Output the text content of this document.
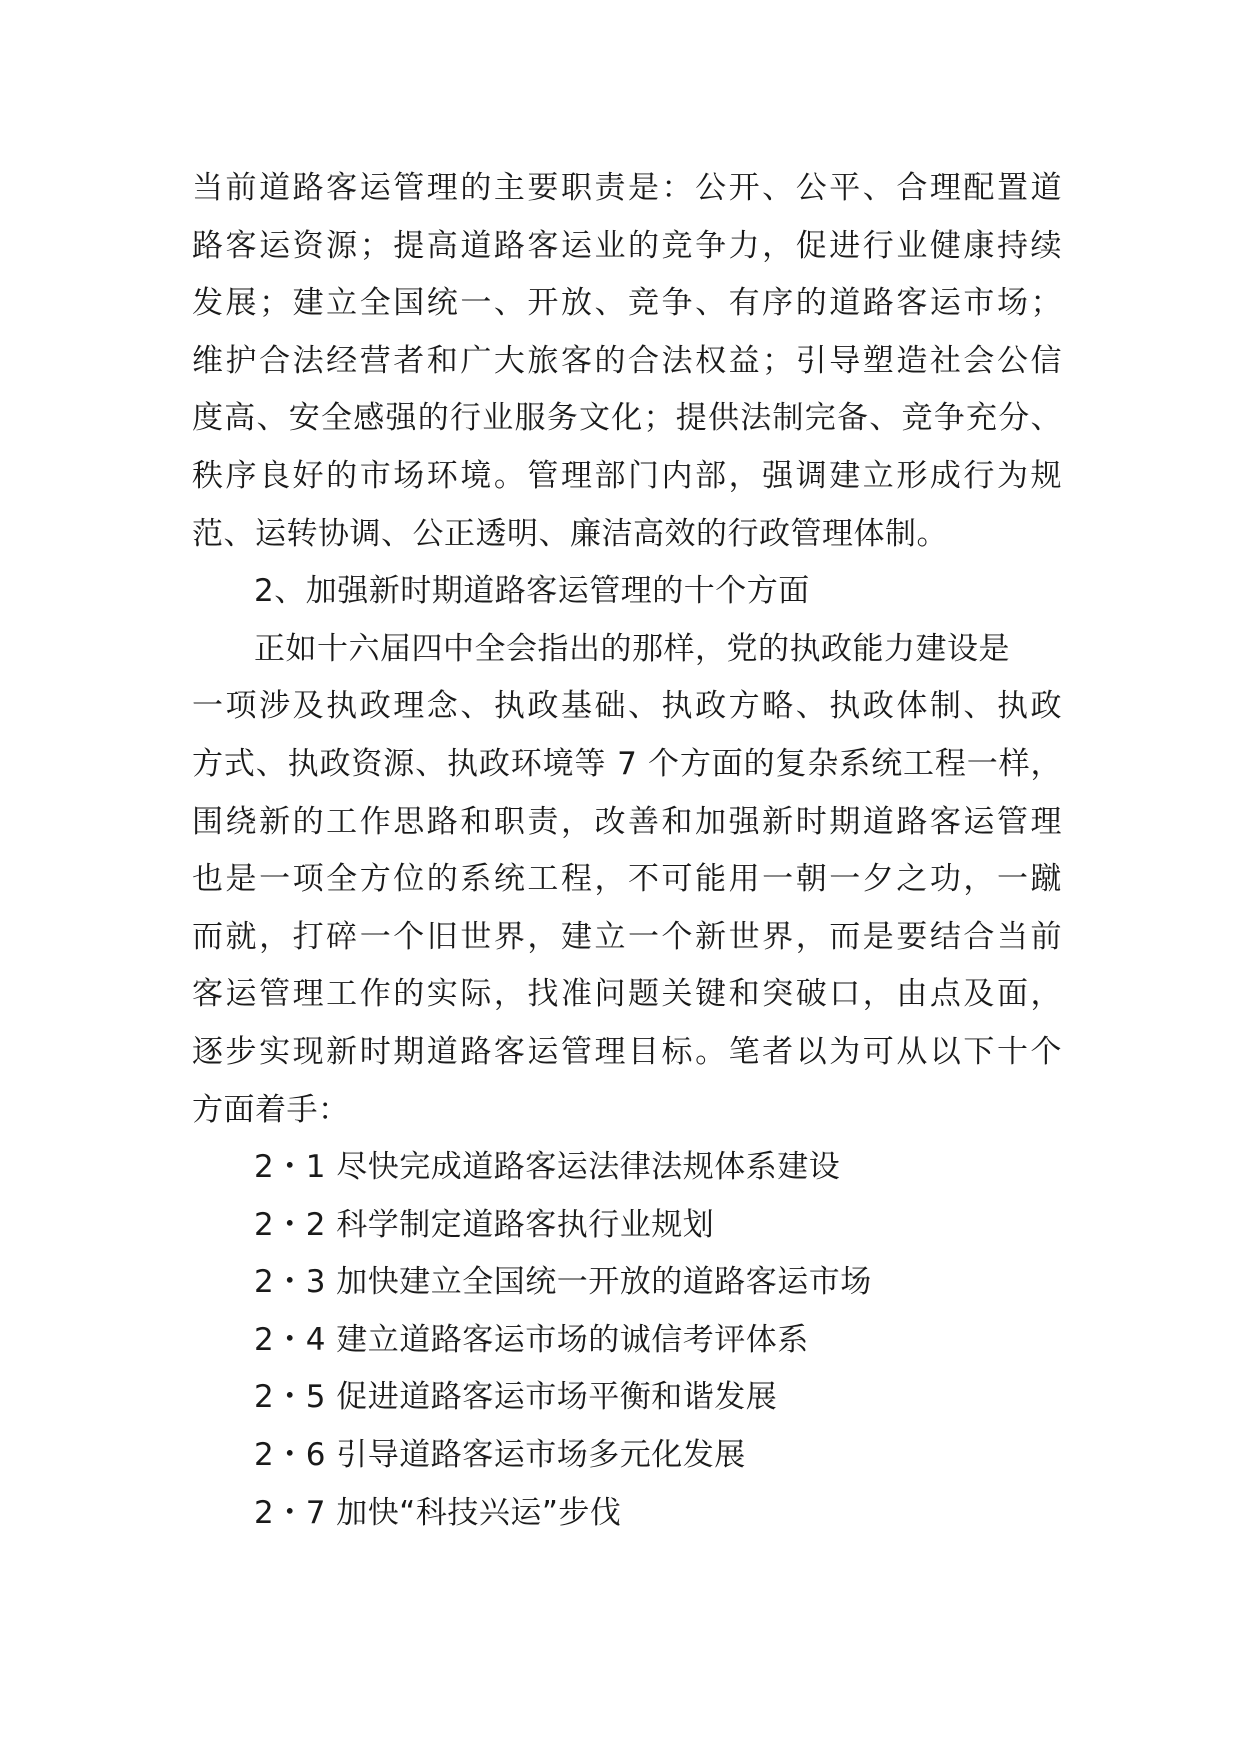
当前道路客运管理的主要职责是：公开、公平、合理配置道
路客运资源；提高道路客运业的竞争力，促进行业健康持续
发展；建立全国统一、开放、竞争、有序的道路客运市场；
维护合法经营者和广大旅客的合法权益；引导塑造社会公信
度高、安全感强的行业服务文化；提供法制完备、竞争充分、
秩序良好的市场环境。管理部门内部，强调建立形成行为规
范、运转协调、公正透明、廉洁高效的行政管理体制。
2、加强新时期道路客运管理的十个方面
正如十六届四中全会指出的那样，党的执政能力建设是
一项涉及执政理念、执政基础、执政方略、执政体制、执政
方式、执政资源、执政环境等 7 个方面的复杂系统工程一样，
围绕新的工作思路和职责，改善和加强新时期道路客运管理
也是一项全方位的系统工程，不可能用一朝一夕之功，一蹴
而就，打碎一个旧世界，建立一个新世界，而是要结合当前
客运管理工作的实际，找准问题关键和突破口，由点及面，
逐步实现新时期道路客运管理目标。笔者以为可从以下十个
方面着手：
2・1 尽快完成道路客运法律法规体系建设
2・2 科学制定道路客执行业规划
2・3 加快建立全国统一开放的道路客运市场
2・4 建立道路客运市场的诚信考评体系
2・5 促进道路客运市场平衡和谐发展
2・6 引导道路客运市场多元化发展
2・7 加快“科技兴运”步伐
